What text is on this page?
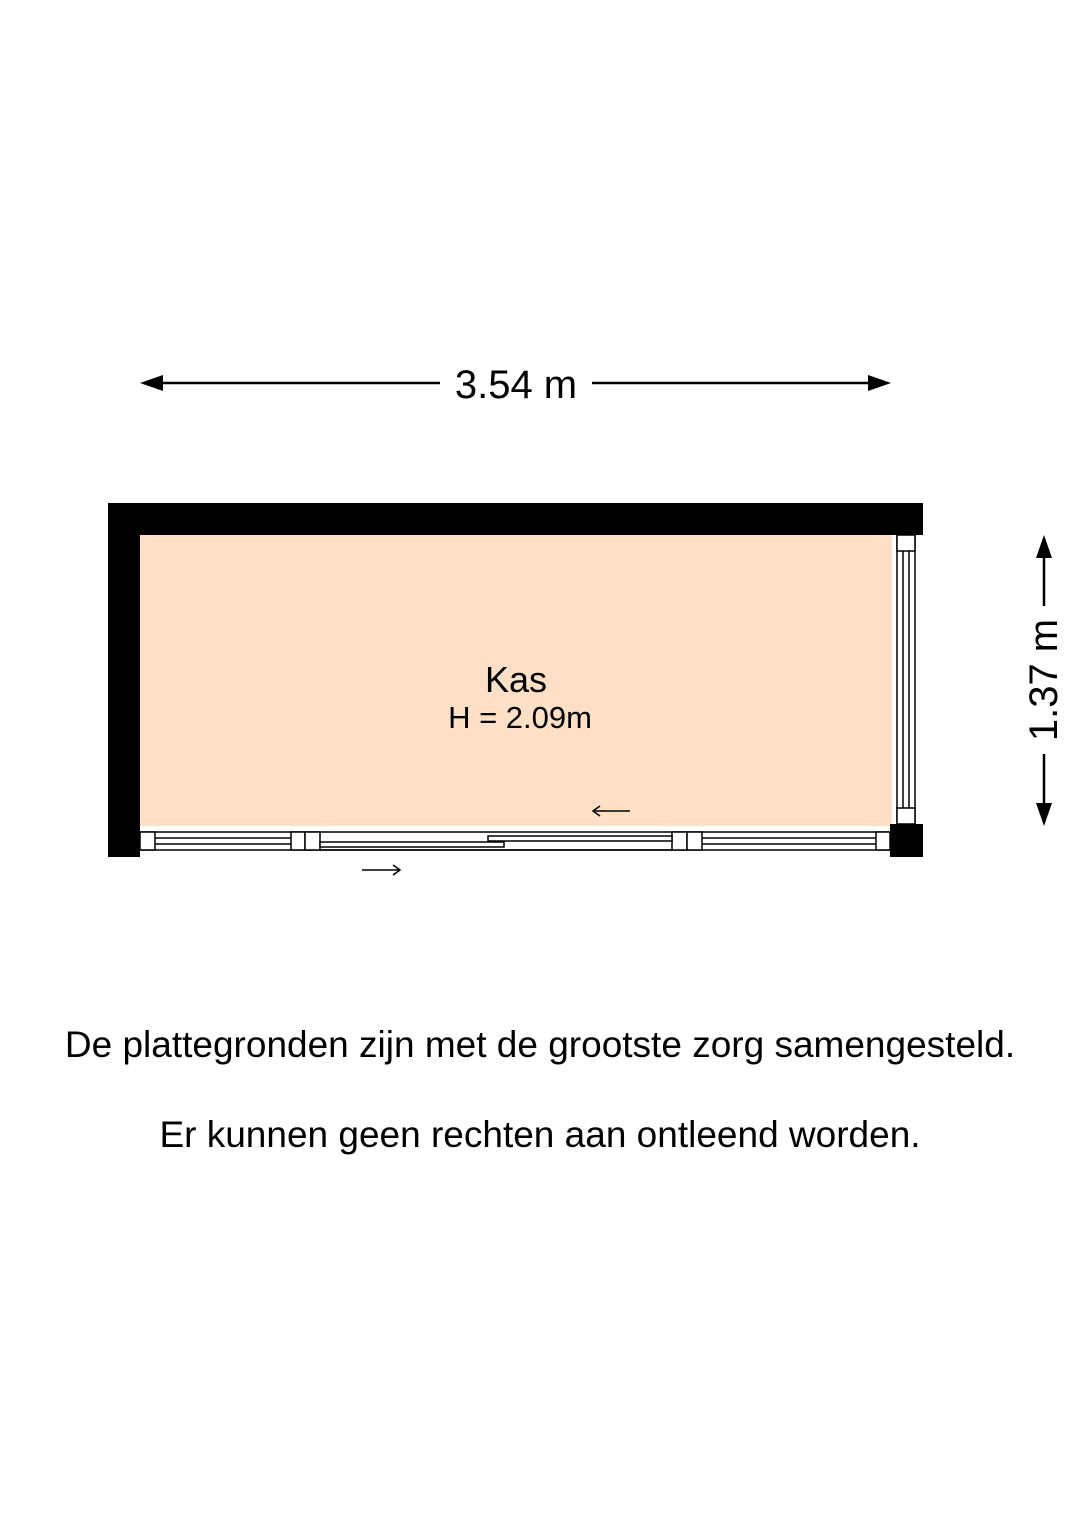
3.54 m
1.37 m
Kas
H = 2.09m

De plattegronden zijn met de grootste zorg samengesteld.

Er kunnen geen rechten aan ontleend worden.
